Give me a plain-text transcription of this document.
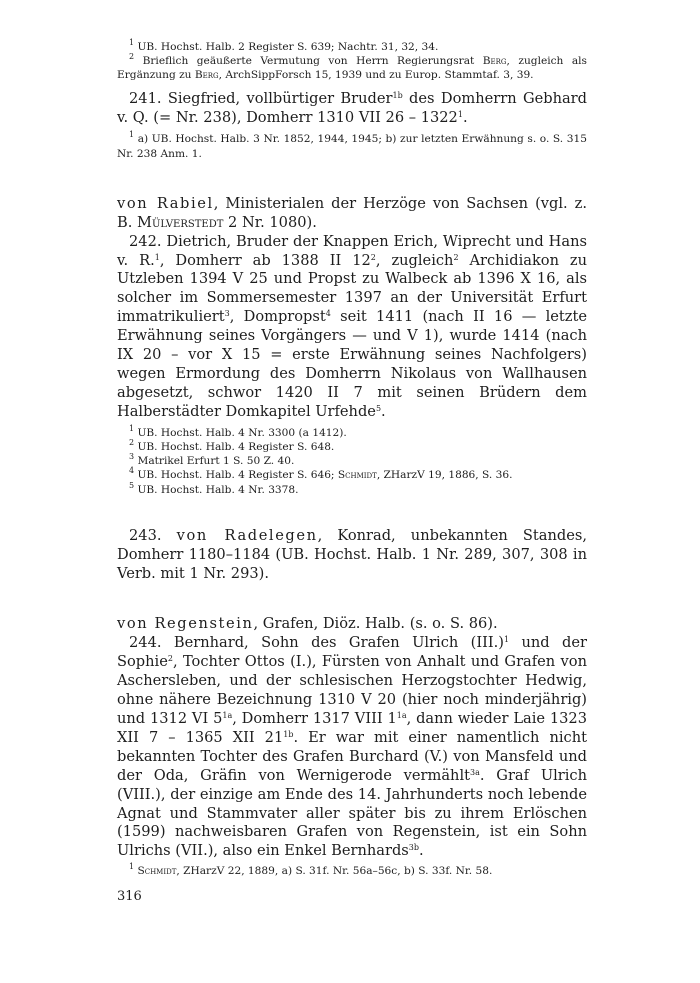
$^1$ UB. Hochst. Halb. 2 Register S. 639; Nachtr. 31, 32, 34.

$^2$ Brieflich geäußerte Vermutung von Herrn Regierungsrat Berg, zugleich als Ergänzung zu Berg, ArchSippForsch 15, 1939 und zu Europ. Stammtaf. 3, 39.

241. Siegfried, vollbürtiger Bruder$^{1b}$ des Domherrn Gebhard v. Q. (= Nr. 238), Domherr 1310 VII 26 – 1322$^1$.

$^1$ a) UB. Hochst. Halb. 3 Nr. 1852, 1944, 1945; b) zur letzten Erwähnung s. o. S. 315 Nr. 238 Anm. 1.

von Rabiel, Ministerialen der Herzöge von Sachsen (vgl. z. B. Mülverstedt 2 Nr. 1080).

242. Dietrich, Bruder der Knappen Erich, Wiprecht und Hans v. R.$^1$, Domherr ab 1388 II $12^2$, zugleich$^2$ Archidiakon zu Utzleben 1394 V 25 und Propst zu Walbeck ab 1396 X 16, als solcher im Sommersemester 1397 an der Universität Erfurt immatrikuliert$^3$, Dompropst$^4$ seit 1411 (nach II 16 — letzte Erwähnung seines Vorgängers — und V 1), wurde 1414 (nach IX 20 – vor X 15 = erste Erwähnung seines Nachfolgers) wegen Ermordung des Domherrn Nikolaus von Wallhausen abgesetzt, schwor 1420 II 7 mit seinen Brüdern dem Halberstädter Domkapitel Urfehde$^5$.

$^1$ UB. Hochst. Halb. 4 Nr. 3300 (a 1412).

$^2$ UB. Hochst. Halb. 4 Register S. 648.

$^3$ Matrikel Erfurt 1 S. 50 Z. 40.

$^4$ UB. Hochst. Halb. 4 Register S. 646; Schmidt, ZHarzV 19, 1886, S. 36.

$^5$ UB. Hochst. Halb. 4 Nr. 3378.

243. von Radelegen, Konrad, unbekannten Standes, Domherr 1180–1184 (UB. Hochst. Halb. 1 Nr. 289, 307, 308 in Verb. mit 1 Nr. 293).

von Regenstein, Grafen, Diöz. Halb. (s. o. S. 86).

244. Bernhard, Sohn des Grafen Ulrich $(III.)^1$ und der Sophie$^2$, Tochter Ottos (I.), Fürsten von Anhalt und Grafen von Aschersleben, und der schlesischen Herzogstochter Hedwig, ohne nähere Bezeichnung 1310 V 20 (hier noch minderjährig) und 1312 VI $5^{1a}$, Domherr 1317 VIII $1^{1a}$, dann wieder Laie 1323 XII 7 – 1365 XII $21^{1b}$. Er war mit einer namentlich nicht bekannten Tochter des Grafen Burchard (V.) von Mansfeld und der Oda, Gräfin von Wernigerode vermählt$^{3a}$. Graf Ulrich (VIII.), der einzige am Ende des 14. Jahrhunderts noch lebende Agnat und Stammvater aller später bis zu ihrem Erlöschen (1599) nachweisbaren Grafen von Regenstein, ist ein Sohn Ulrichs (VII.), also ein Enkel Bernhards$^{3b}$.

$^1$ Schmidt, ZHarzV 22, 1889, a) S. 31f. Nr. 56a–56c, b) S. 33f. Nr. 58.

316
